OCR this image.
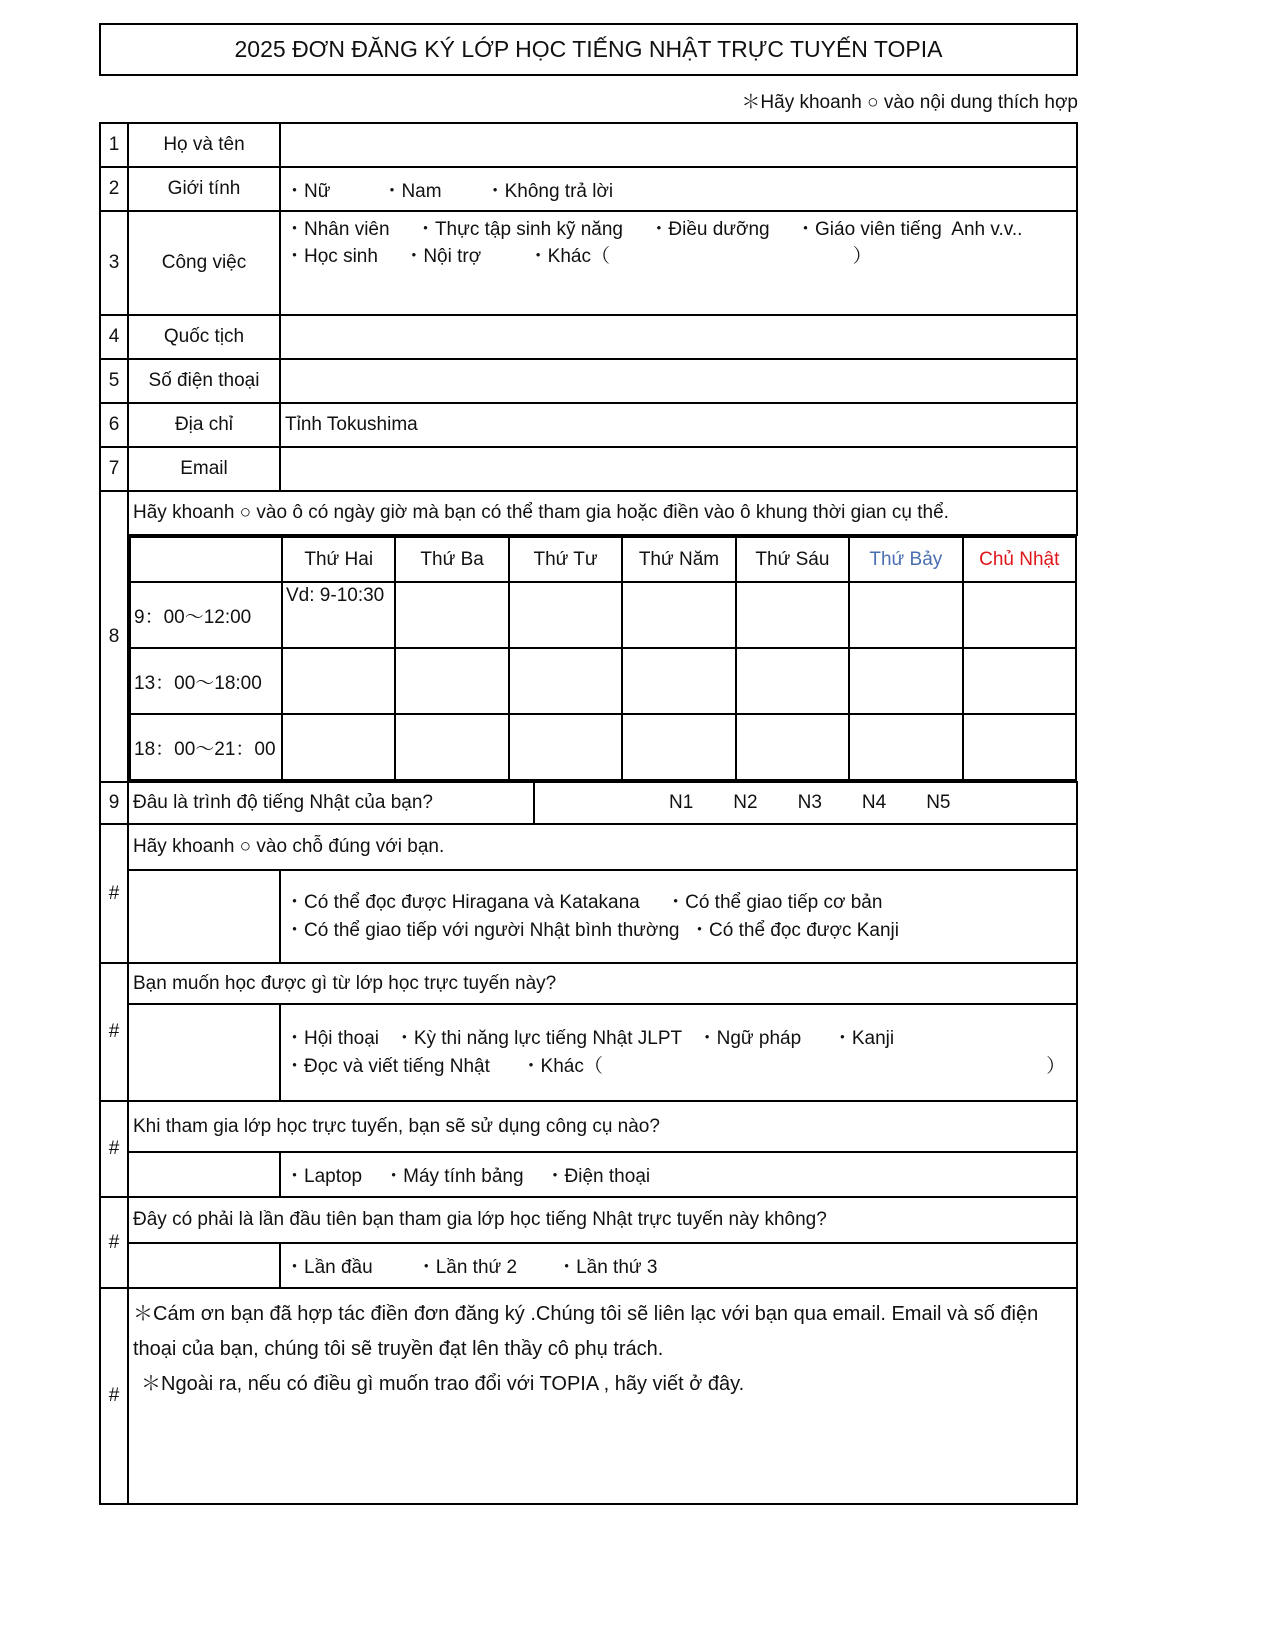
2025 ĐƠN ĐĂNG KÝ LỚP HỌC TIẾNG NHẬT TRỰC TUYẾN TOPIA
＊Hãy khoanh ○ vào nội dung thích hợp
1	Họ và tên	
2	Giới tính	・Nữ	・Nam ・Không trả lời
3	Công việc	
・Nhân viên     ・Thực tập sinh kỹ năng     ・Điều dưỡng     ・Giáo viên tiếng  Anh v.v..
・Học sinh     ・Nội trợ         ・Khác（                                              ）

4	Quốc tịch	
5	Số điện thoại	
6	Địa chỉ	Tỉnh Tokushima
7	Email	
8	Hãy khoanh ○ vào ô có ngày giờ mà bạn có thể tham gia hoặc điền vào ô khung thời gian cụ thể.

	Thứ Hai	Thứ Ba	Thứ Tư	Thứ Năm	Thứ Sáu	Thứ Bảy	Chủ Nhật
9：00～12:00	Vd: 9-10:30						
13：00～18:00							
18：00～21：00							

9	Đâu là trình độ tiếng Nhật của bạn?	N1 N2 N3 N4 N5

#	Hãy khoanh ○ vào chỗ đúng với bạn.

・Có thể đọc được Hiragana và Katakana     ・Có thể giao tiếp cơ bản
・Có thể giao tiếp với người Nhật bình thường  ・Có thể đọc được Kanji

#	Bạn muốn học được gì từ lớp học trực tuyến này?

・Hội thoại   ・Kỳ thi năng lực tiếng Nhật JLPT   ・Ngữ pháp      ・Kanji
・Đọc và viết tiếng Nhật      ・Khác（                                                                                    ）

#	Khi tham gia lớp học trực tuyến, bạn sẽ sử dụng công cụ nào?
	・Laptop ・Máy tính bảng ・Điện thoại
#	Đây có phải là lần đầu tiên bạn tham gia lớp học tiếng Nhật trực tuyến này không?
	・Lần đầu ・Lần thứ 2 ・Lần thứ 3
#	
＊Cám ơn bạn đã hợp tác điền đơn đăng ký .Chúng tôi sẽ liên lạc với bạn qua email. Email và số điện thoại của bạn, chúng tôi sẽ truyền đạt lên thầy cô phụ trách.
＊Ngoài ra, nếu có điều gì muốn trao đổi với TOPIA , hãy viết ở đây.
